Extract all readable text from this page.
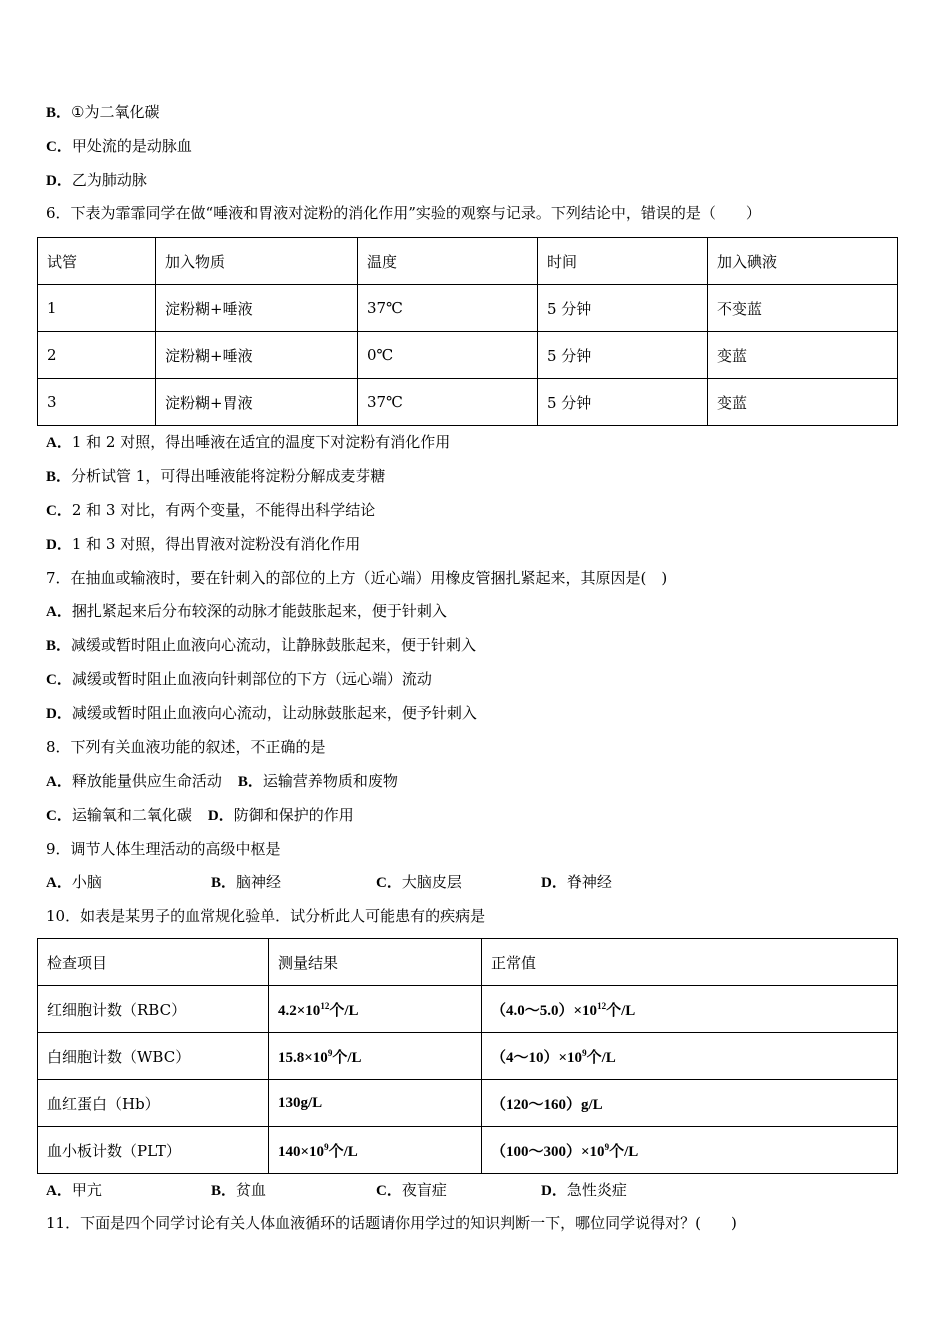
B．①为二氧化碳
C．甲处流的是动脉血
D．乙为肺动脉
6．下表为霏霏同学在做“唾液和胃液对淀粉的消化作用”实验的观察与记录。下列结论中，错误的是（　　）
试管	加入物质	温度	时间	加入碘液
1	淀粉糊+唾液	37℃	5 分钟	不变蓝
2	淀粉糊+唾液	0℃	5 分钟	变蓝
3	淀粉糊+胃液	37℃	5 分钟	变蓝
A．1 和 2 对照，得出唾液在适宜的温度下对淀粉有消化作用
B．分析试管 1，可得出唾液能将淀粉分解成麦芽糖
C．2 和 3 对比，有两个变量，不能得出科学结论
D．1 和 3 对照，得出胃液对淀粉没有消化作用
7．在抽血或输液时，要在针刺入的部位的上方（近心端）用橡皮管捆扎紧起来，其原因是(　)
A．捆扎紧起来后分布较深的动脉才能鼓胀起来，便于针刺入
B．减缓或暂时阻止血液向心流动，让静脉鼓胀起来，便于针刺入
C．减缓或暂时阻止血液向针刺部位的下方（远心端）流动
D．减缓或暂时阻止血液向心流动，让动脉鼓胀起来，便予针刺入
8．下列有关血液功能的叙述，不正确的是
A．释放能量供应生命活动 B．运输营养物质和废物
C．运输氧和二氧化碳 D．防御和保护的作用
9．调节人体生理活动的高级中枢是
A．小脑	B．脑神经	C．大脑皮层	D．脊神经
10．如表是某男子的血常规化验单．试分析此人可能患有的疾病是
检查项目	测量结果	正常值
红细胞计数（RBC）	$4.2\times 10^{12}$个/L	$(4.0\sim 5.0)\times 10^{12}$个/L
白细胞计数（WBC）	$15.8\times 10^9$个/L	$(4\sim 10)\times 10^9$个/L
血红蛋白（Hb）	130g/L	（120～160）g/L
血小板计数（PLT）	$140\times 10^9$个/L	$(100\sim 300)\times 10^9$个/L
A．甲亢	B．贫血	C．夜盲症	D．急性炎症
11．下面是四个同学讨论有关人体血液循环的话题请你用学过的知识判断一下，哪位同学说得对？(　　)
